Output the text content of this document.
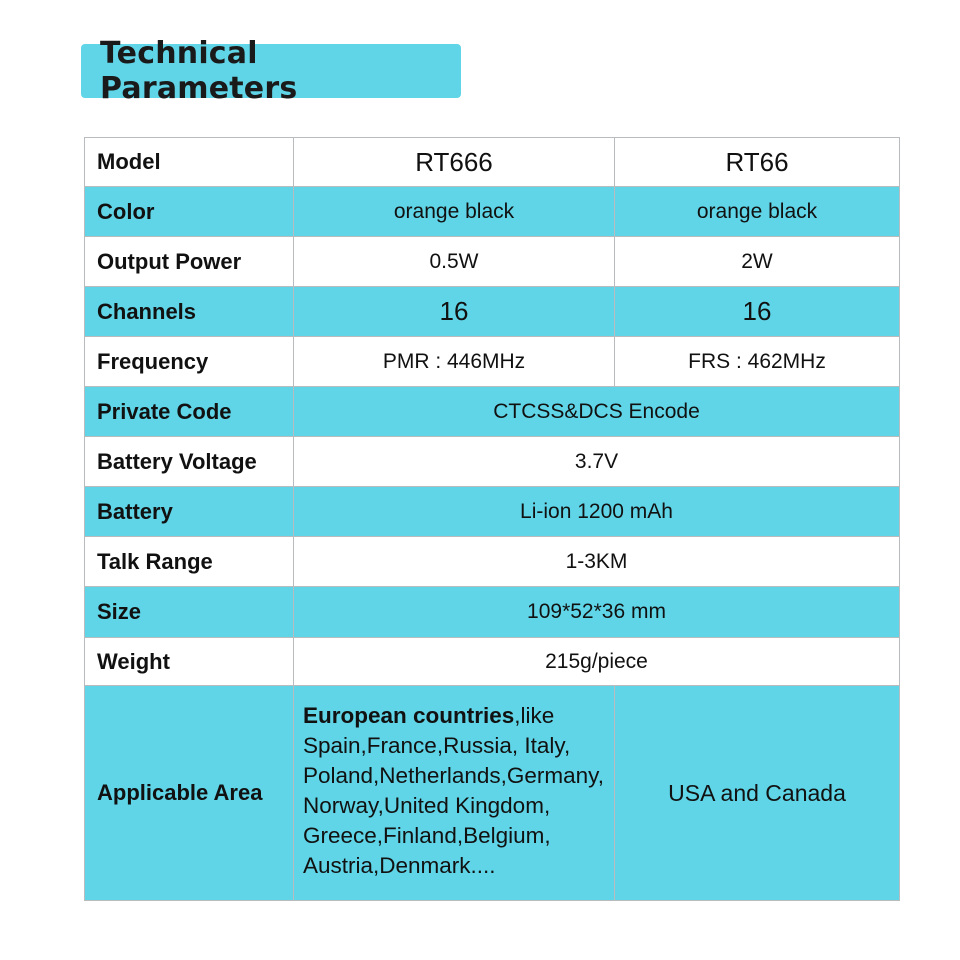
Technical Parameters
Model	RT666	RT66
Color	orange black	orange black
Output Power	0.5W	2W
Channels	16	16
Frequency	PMR : 446MHz	FRS : 462MHz
Private Code	CTCSS&DCS Encode	
Battery Voltage	3.7V	
Battery	Li-ion 1200 mAh	
Talk Range	1-3KM	
Size	109*52*36 mm	
Weight	215g/piece	
Applicable Area	European countries,like Spain,France,Russia, Italy, Poland,Netherlands,Germany, Norway,United Kingdom, Greece,Finland,Belgium, Austria,Denmark....	USA and Canada
